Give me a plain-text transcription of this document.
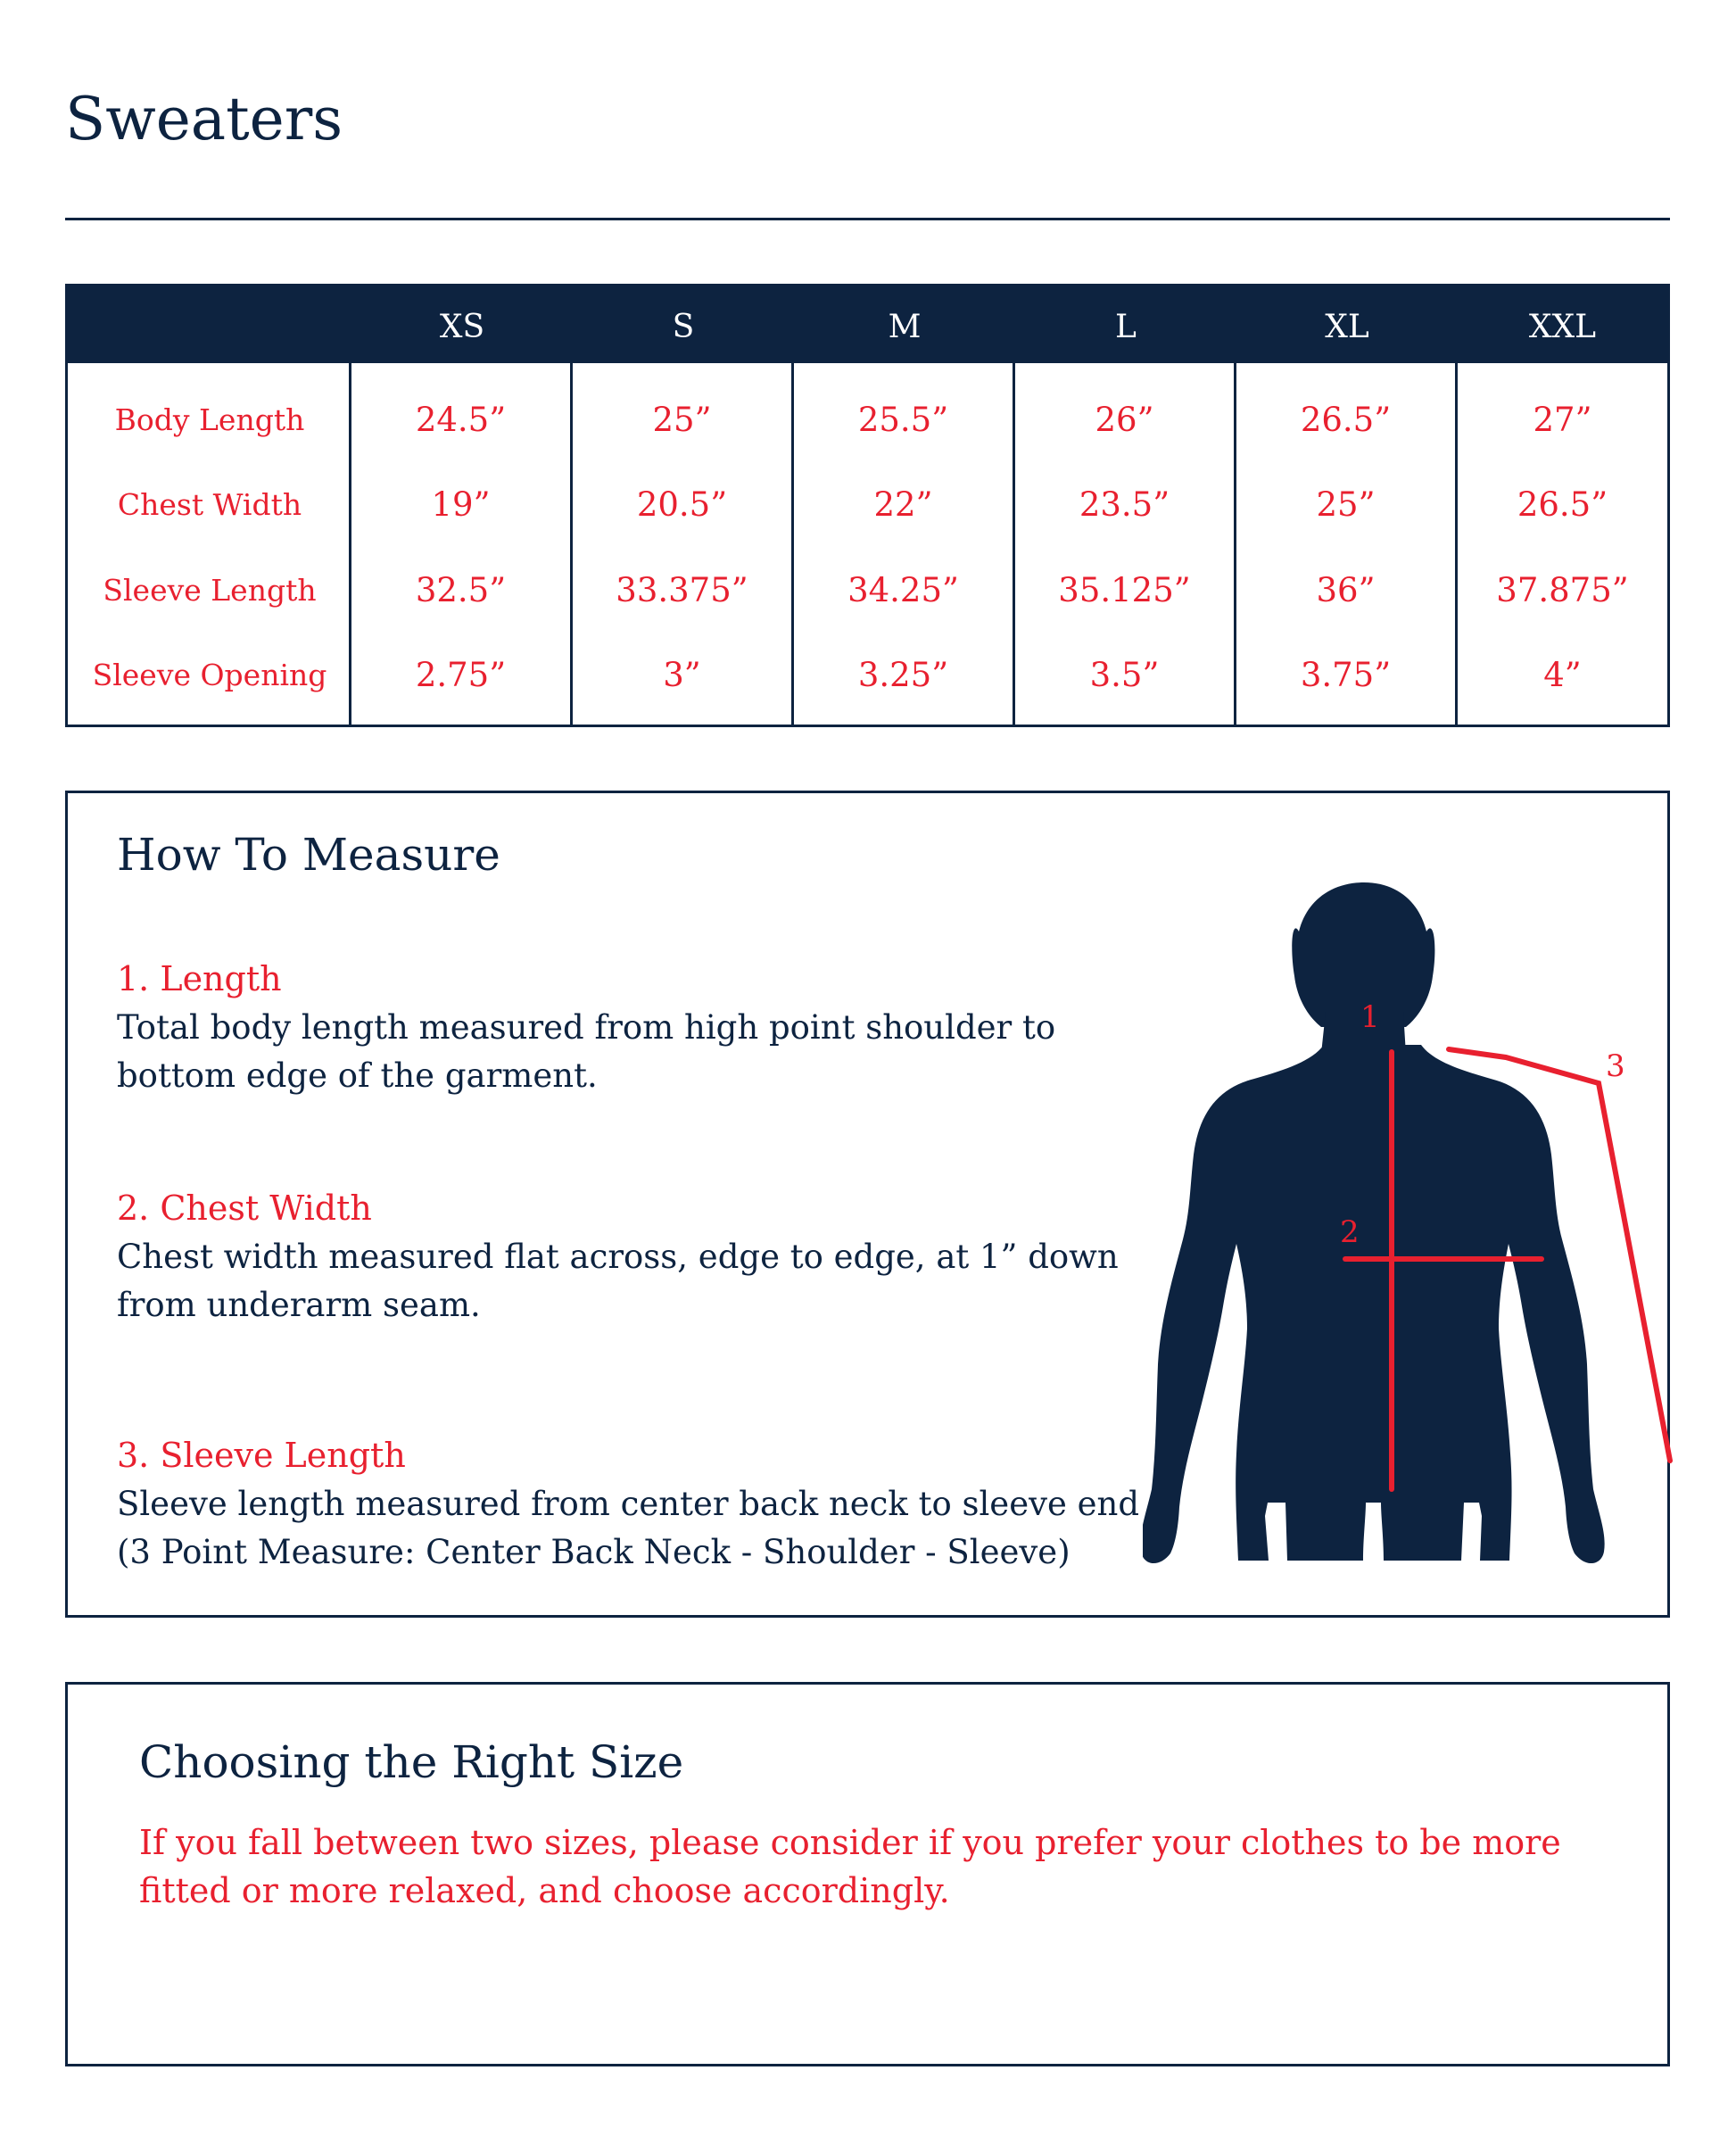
Sweaters
XS	S	M	L	XL	XXL
Body Length	24.5”	25”	25.5”	26”	26.5”	27”
Chest Width	19”	20.5”	22”	23.5”	25”	26.5”
Sleeve Length	32.5”	33.375”	34.25”	35.125”	36”	37.875”
Sleeve Opening	2.75”	3”	3.25”	3.5”	3.75”	4”
How To Measure
1. Length
Total body length measured from high point shoulder to bottom edge of the garment.
2. Chest Width
Chest width measured flat across, edge to edge, at 1” down from underarm seam.
3. Sleeve Length
Sleeve length measured from center back neck to sleeve end (3 Point Measure: Center Back Neck - Shoulder - Sleeve)
1
2
3
Choosing the Right Size
If you fall between two sizes, please consider if you prefer your clothes to be more fitted or more relaxed, and choose accordingly.
